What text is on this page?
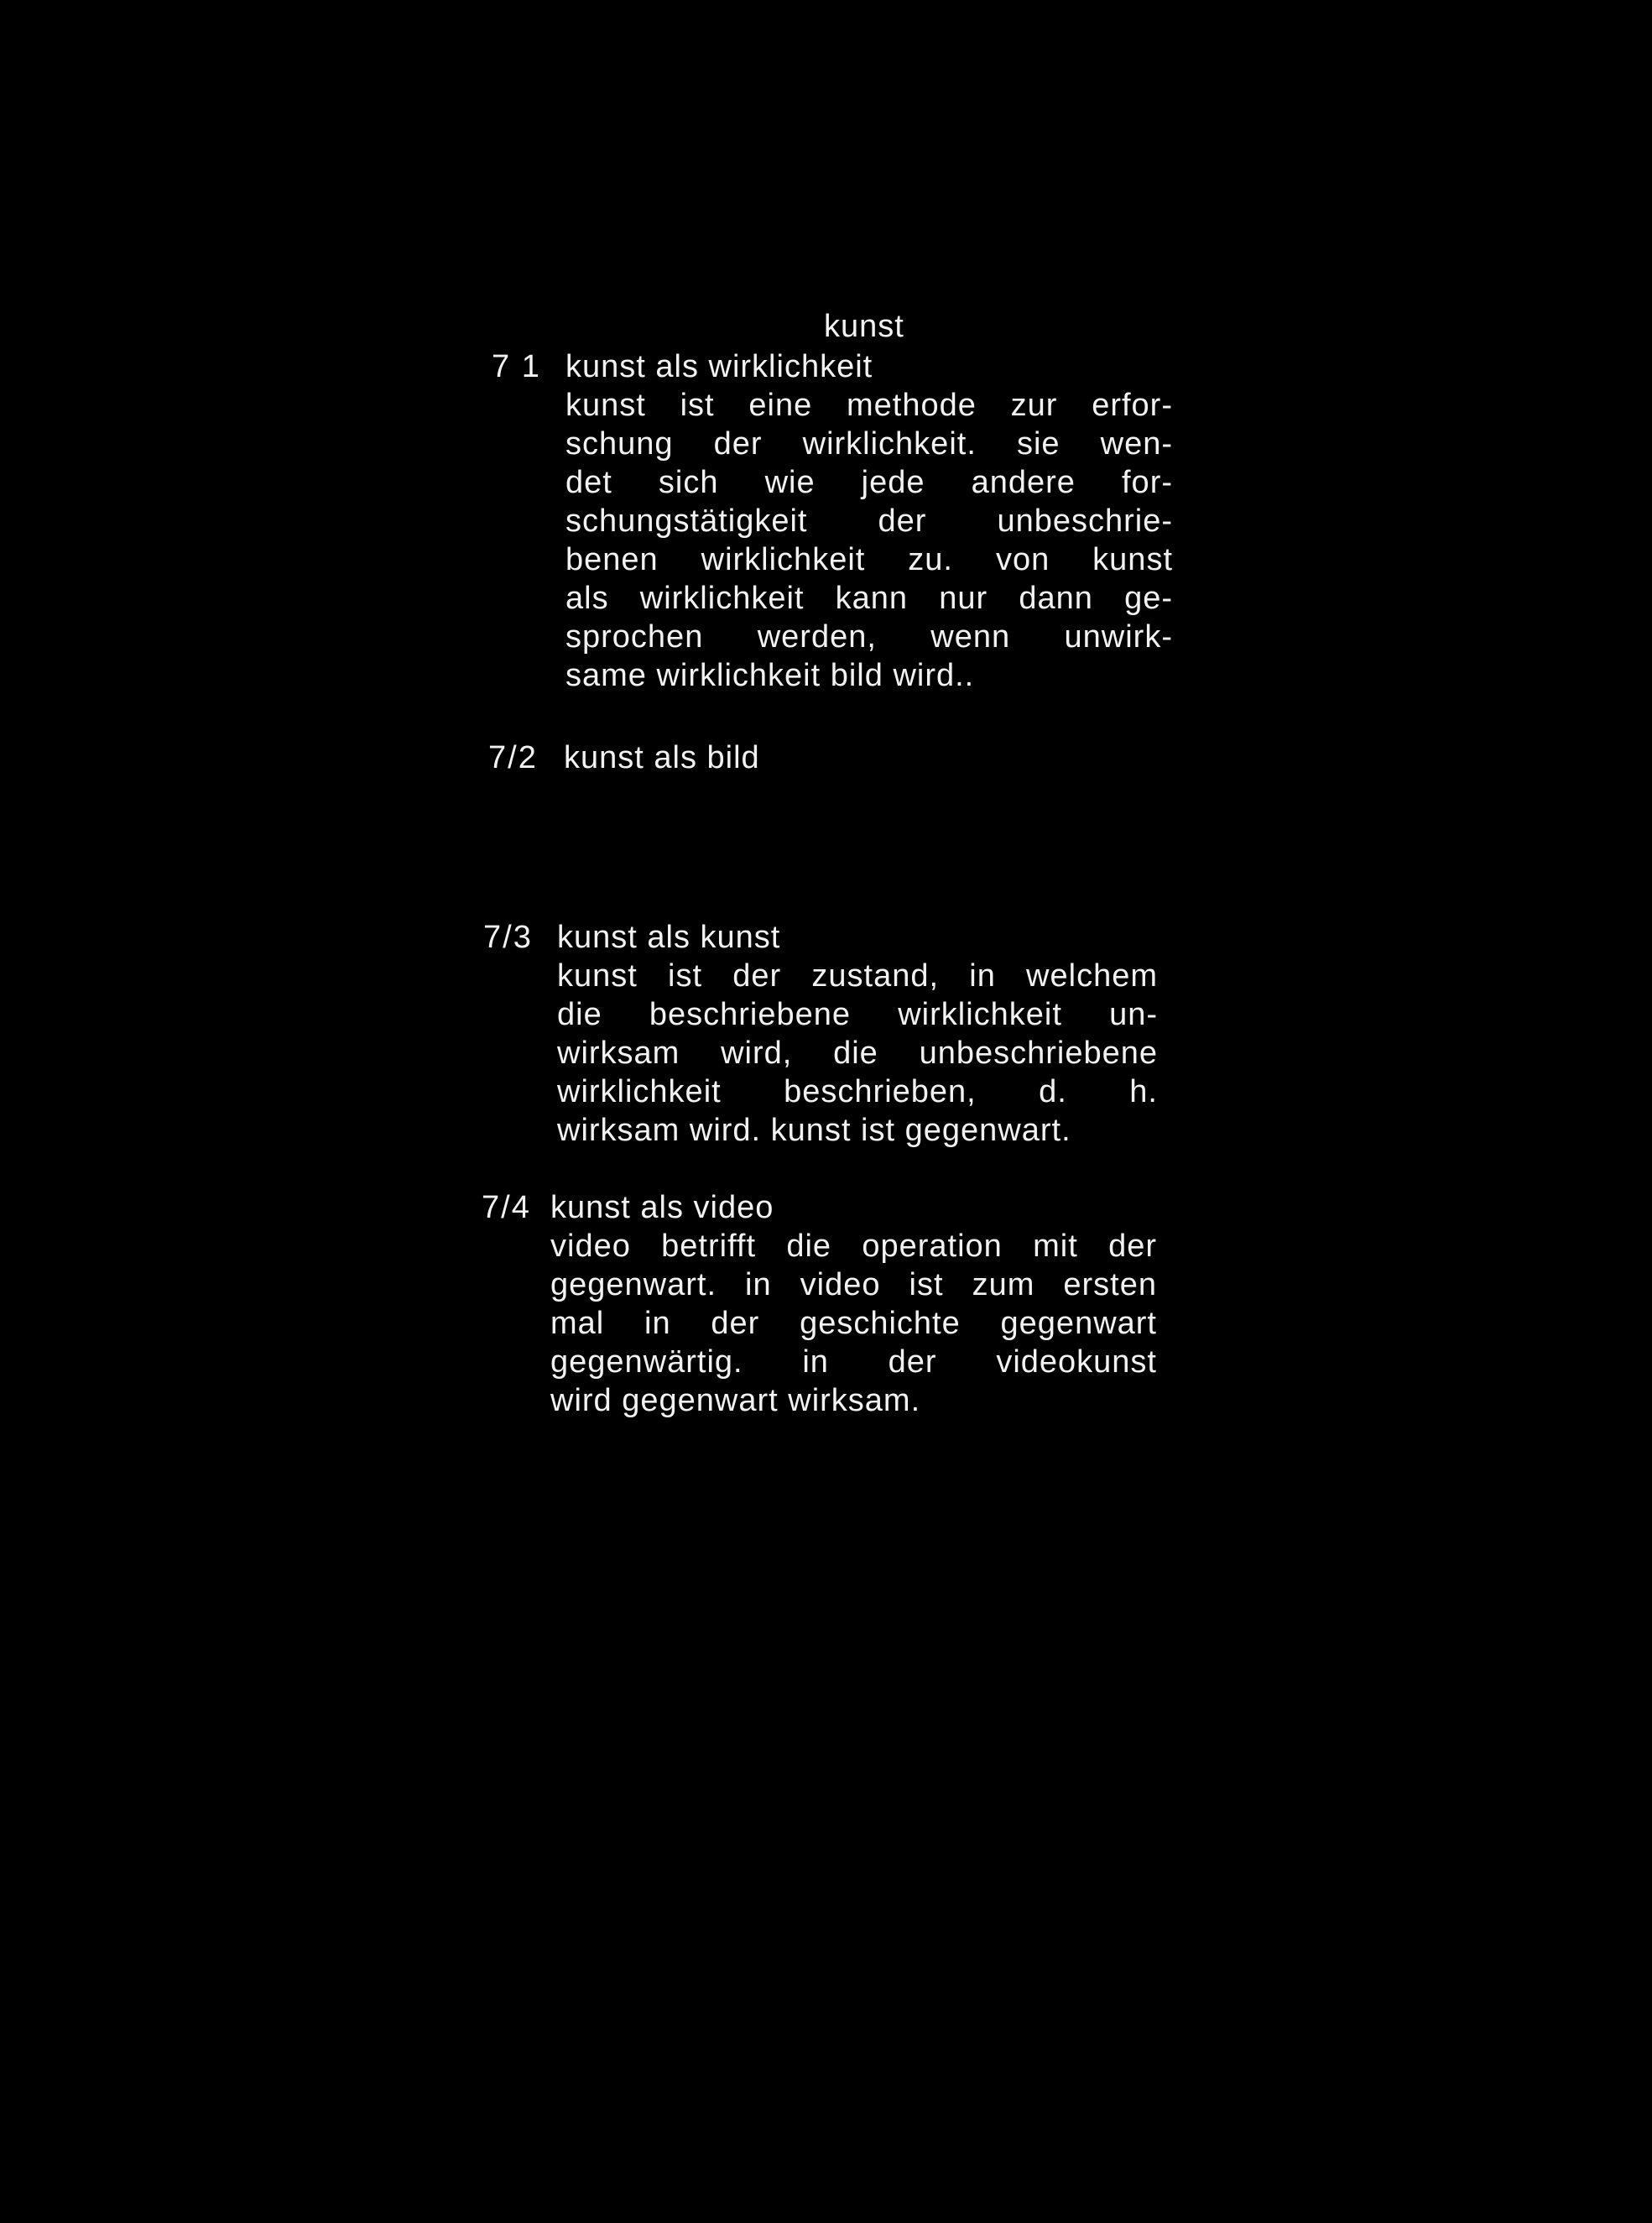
kunst
7 1 kunst als wirklichkeit
kunst ist eine methode zur erfor-
schung der wirklichkeit. sie wen-
det sich wie jede andere for-
schungstätigkeit der unbeschrie-
benen wirklichkeit zu. von kunst
als wirklichkeit kann nur dann ge-
sprochen werden, wenn unwirk-
same wirklichkeit bild wird..
7/2 kunst als bild
7/3 kunst als kunst
kunst ist der zustand, in welchem
die beschriebene wirklichkeit un-
wirksam wird, die unbeschriebene
wirklichkeit beschrieben, d. h.
wirksam wird. kunst ist gegenwart.
7/4 kunst als video
video betrifft die operation mit der
gegenwart. in video ist zum ersten
mal in der geschichte gegenwart
gegenwärtig. in der videokunst
wird gegenwart wirksam.
